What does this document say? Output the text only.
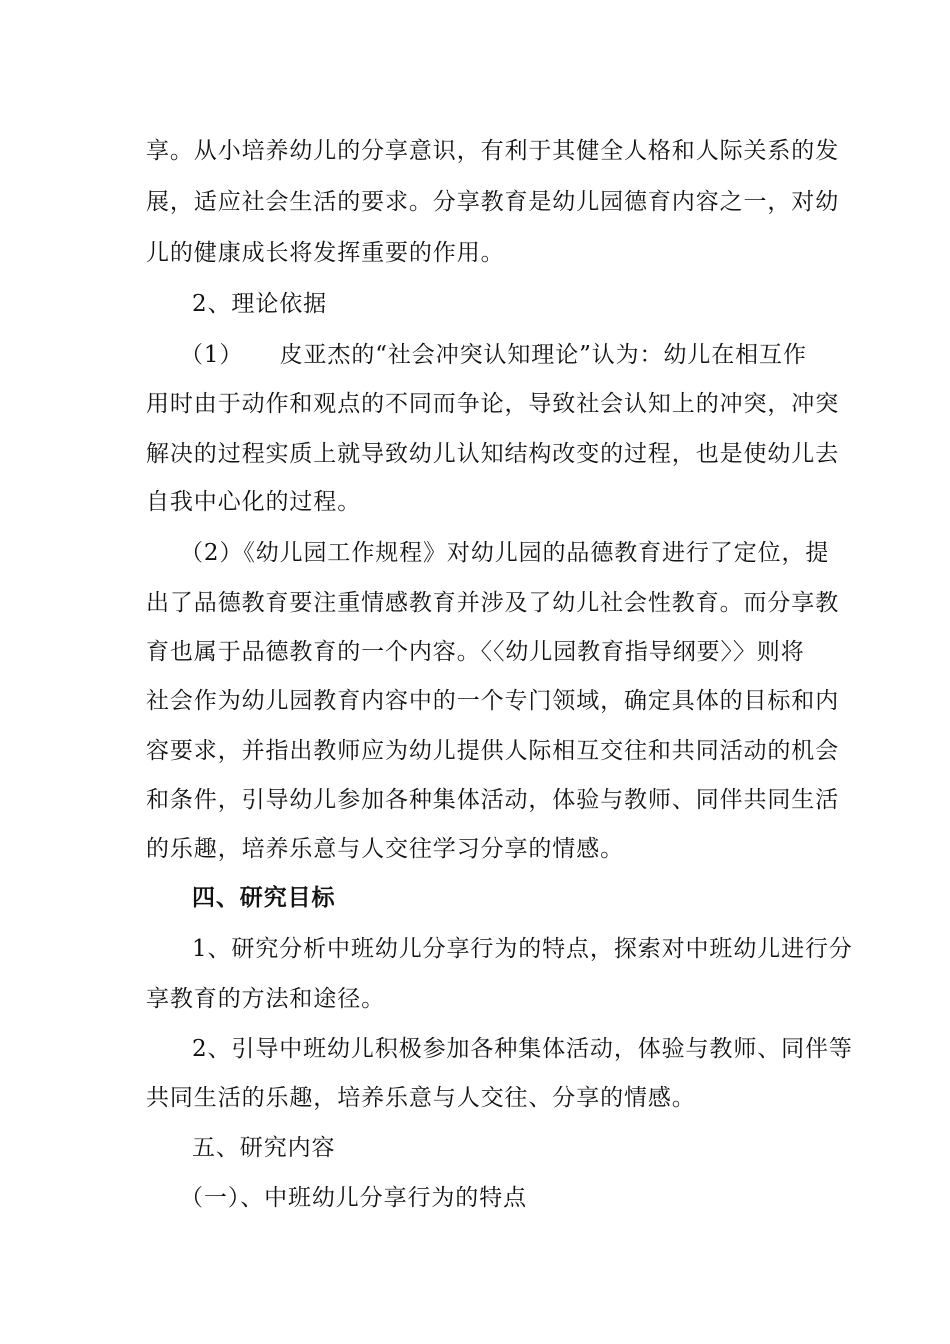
享。从小培养幼儿的分享意识，有利于其健全人格和人际关系的发
展，适应社会生活的要求。分享教育是幼儿园德育内容之一，对幼
儿的健康成长将发挥重要的作用。
2、理论依据
（1）　　皮亚杰的“社会冲突认知理论”认为：幼儿在相互作
用时由于动作和观点的不同而争论，导致社会认知上的冲突，冲突
解决的过程实质上就导致幼儿认知结构改变的过程，也是使幼儿去
自我中心化的过程。
（2）《幼儿园工作规程》对幼儿园的品德教育进行了定位，提
出了品德教育要注重情感教育并涉及了幼儿社会性教育。而分享教
育也属于品德教育的一个内容。〈〈幼儿园教育指导纲要〉〉则将
社会作为幼儿园教育内容中的一个专门领域，确定具体的目标和内
容要求，并指出教师应为幼儿提供人际相互交往和共同活动的机会
和条件，引导幼儿参加各种集体活动，体验与教师、同伴共同生活
的乐趣，培养乐意与人交往学习分享的情感。
四、研究目标
1、研究分析中班幼儿分享行为的特点，探索对中班幼儿进行分
享教育的方法和途径。
2、引导中班幼儿积极参加各种集体活动，体验与教师、同伴等
共同生活的乐趣，培养乐意与人交往、分享的情感。
五、研究内容
（一）、中班幼儿分享行为的特点
